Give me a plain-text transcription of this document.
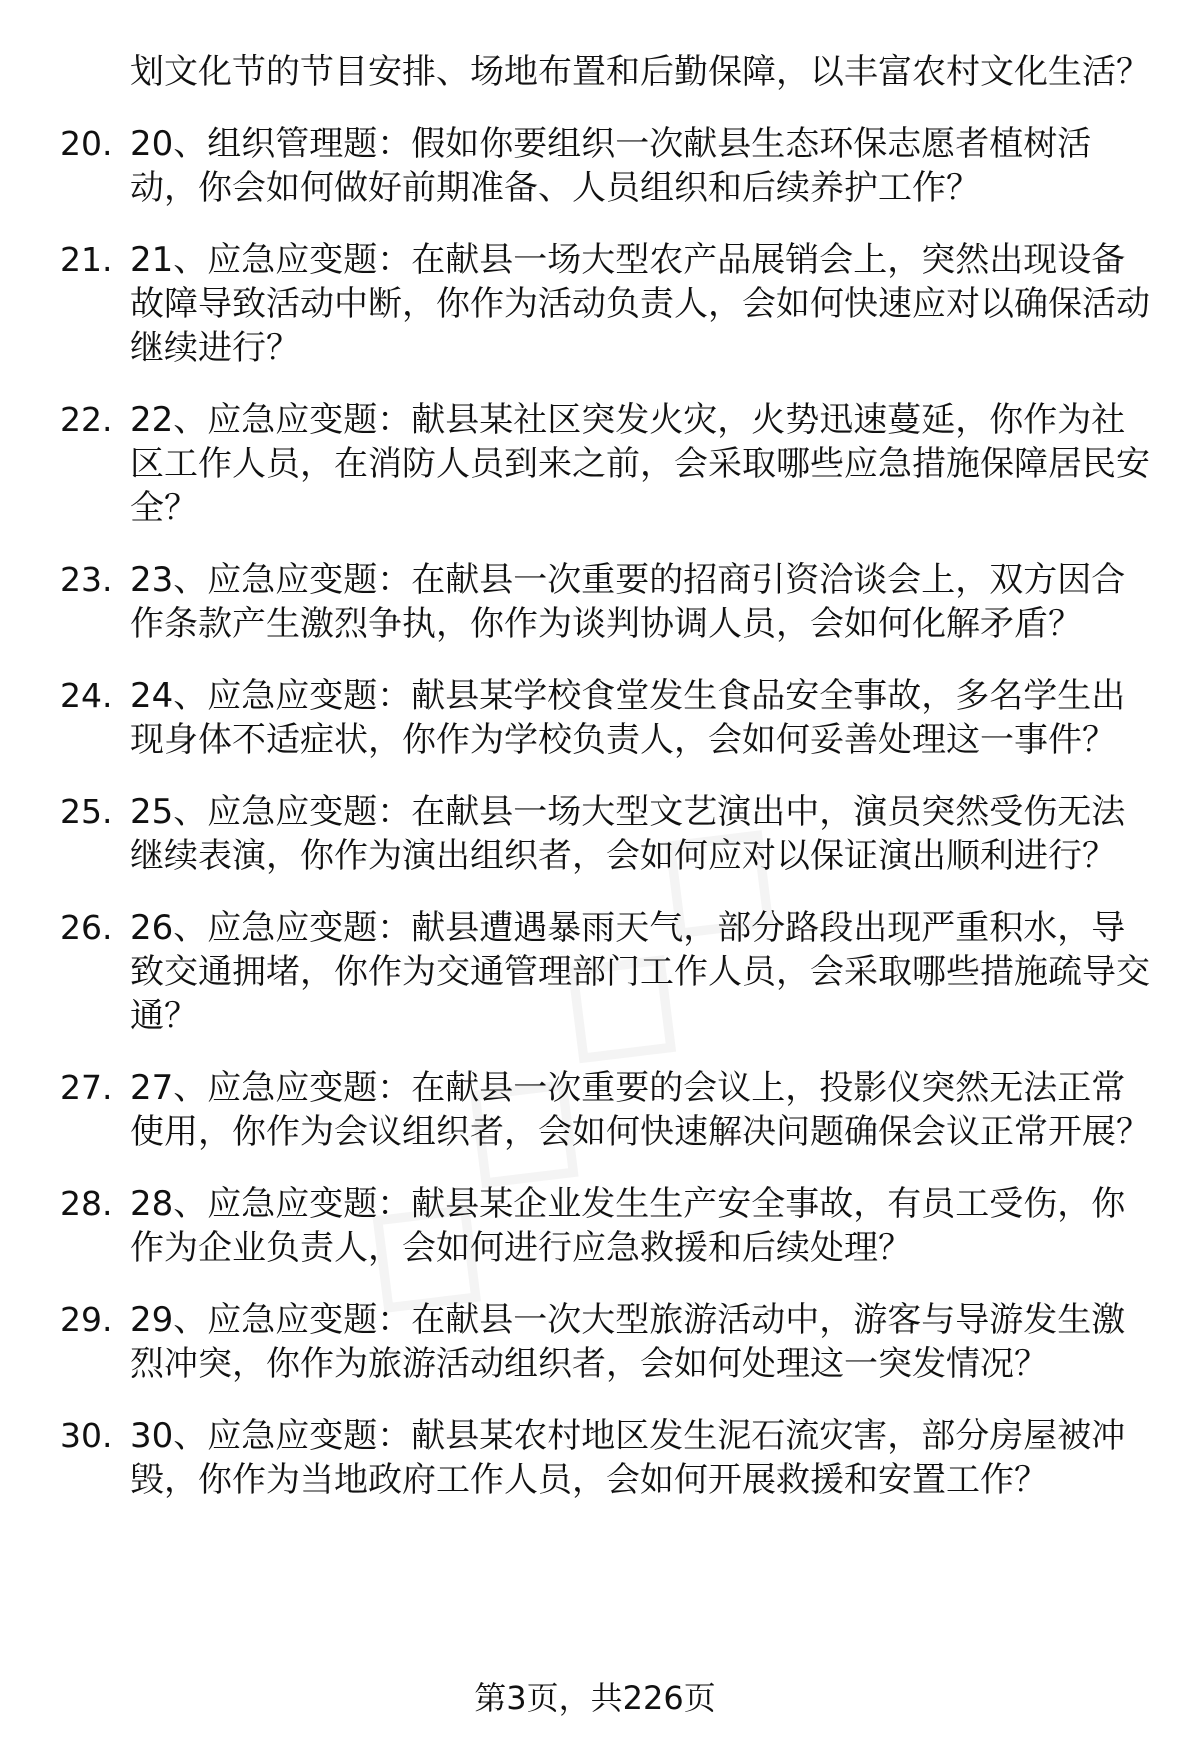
划文化节的节目安排、场地布置和后勤保障，以丰富农村文化生活？
20. 20、组织管理题：假如你要组织一次献县生态环保志愿者植树活动，你会如何做好前期准备、人员组织和后续养护工作？
21. 21、应急应变题：在献县一场大型农产品展销会上，突然出现设备故障导致活动中断，你作为活动负责人，会如何快速应对以确保活动继续进行？
22. 22、应急应变题：献县某社区突发火灾，火势迅速蔓延，你作为社区工作人员，在消防人员到来之前，会采取哪些应急措施保障居民安全？
23. 23、应急应变题：在献县一次重要的招商引资洽谈会上，双方因合作条款产生激烈争执，你作为谈判协调人员，会如何化解矛盾？
24. 24、应急应变题：献县某学校食堂发生食品安全事故，多名学生出现身体不适症状，你作为学校负责人，会如何妥善处理这一事件？
25. 25、应急应变题：在献县一场大型文艺演出中，演员突然受伤无法继续表演，你作为演出组织者，会如何应对以保证演出顺利进行？
26. 26、应急应变题：献县遭遇暴雨天气，部分路段出现严重积水，导致交通拥堵，你作为交通管理部门工作人员，会采取哪些措施疏导交通？
27. 27、应急应变题：在献县一次重要的会议上，投影仪突然无法正常使用，你作为会议组织者，会如何快速解决问题确保会议正常开展？
28. 28、应急应变题：献县某企业发生生产安全事故，有员工受伤，你作为企业负责人，会如何进行应急救援和后续处理？
29. 29、应急应变题：在献县一次大型旅游活动中，游客与导游发生激烈冲突，你作为旅游活动组织者，会如何处理这一突发情况？
30. 30、应急应变题：献县某农村地区发生泥石流灾害，部分房屋被冲毁，你作为当地政府工作人员，会如何开展救援和安置工作？
第3页，共226页
